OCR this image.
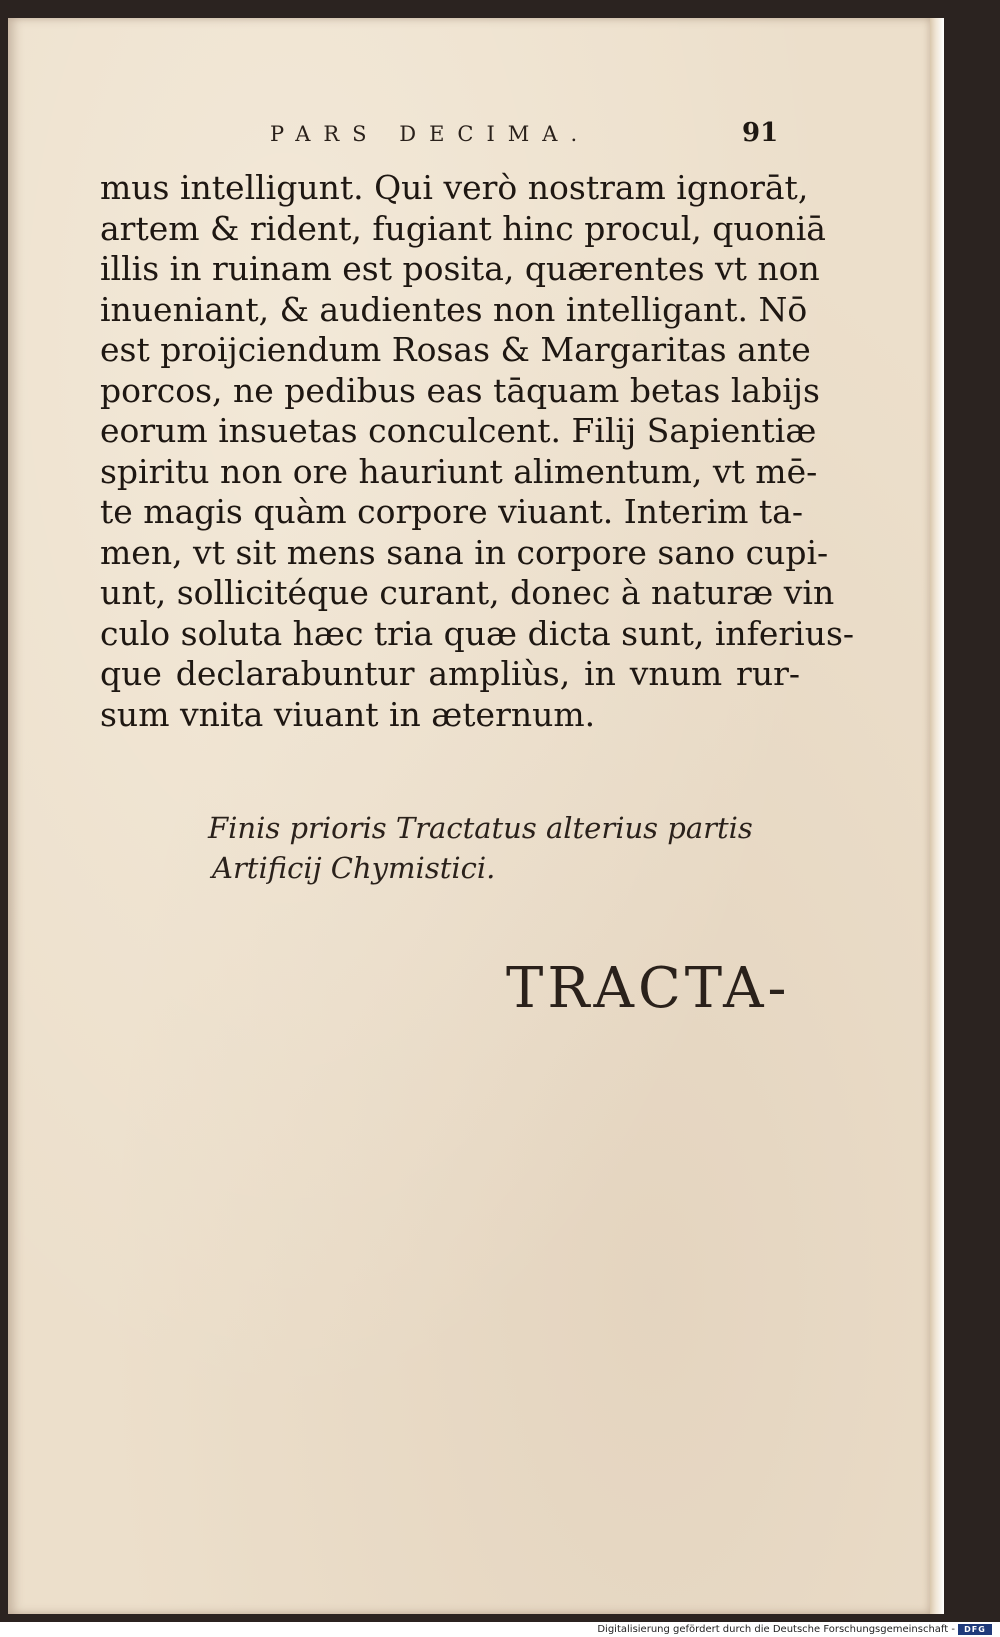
PARS DECIMA.	91
mus intelligunt. Qui verò nostram ignorāt,
artem & rident, fugiant hinc procul, quoniā
illis in ruinam est posita, quærentes vt non
inueniant, & audientes non intelligant. Nō
est proijciendum Rosas & Margaritas ante
porcos, ne pedibus eas tāquam betas labijs
eorum insuetas conculcent. Filij Sapientiæ
spiritu non ore hauriunt alimentum, vt mē-
te magis quàm corpore viuant. Interim ta-
men, vt sit mens sana in corpore sano cupi-
unt, sollicitéque curant, donec à naturæ vin
culo soluta hæc tria quæ dicta sunt, inferius-
que declarabuntur ampliùs, in vnum rur-
sum vnita viuant in æternum.
Finis prioris Tractatus alterius partis
Artificij Chymistici.
TRACTA-
Digitalisierung gefördert durch die Deutsche Forschungsgemeinschaft -	DFG
